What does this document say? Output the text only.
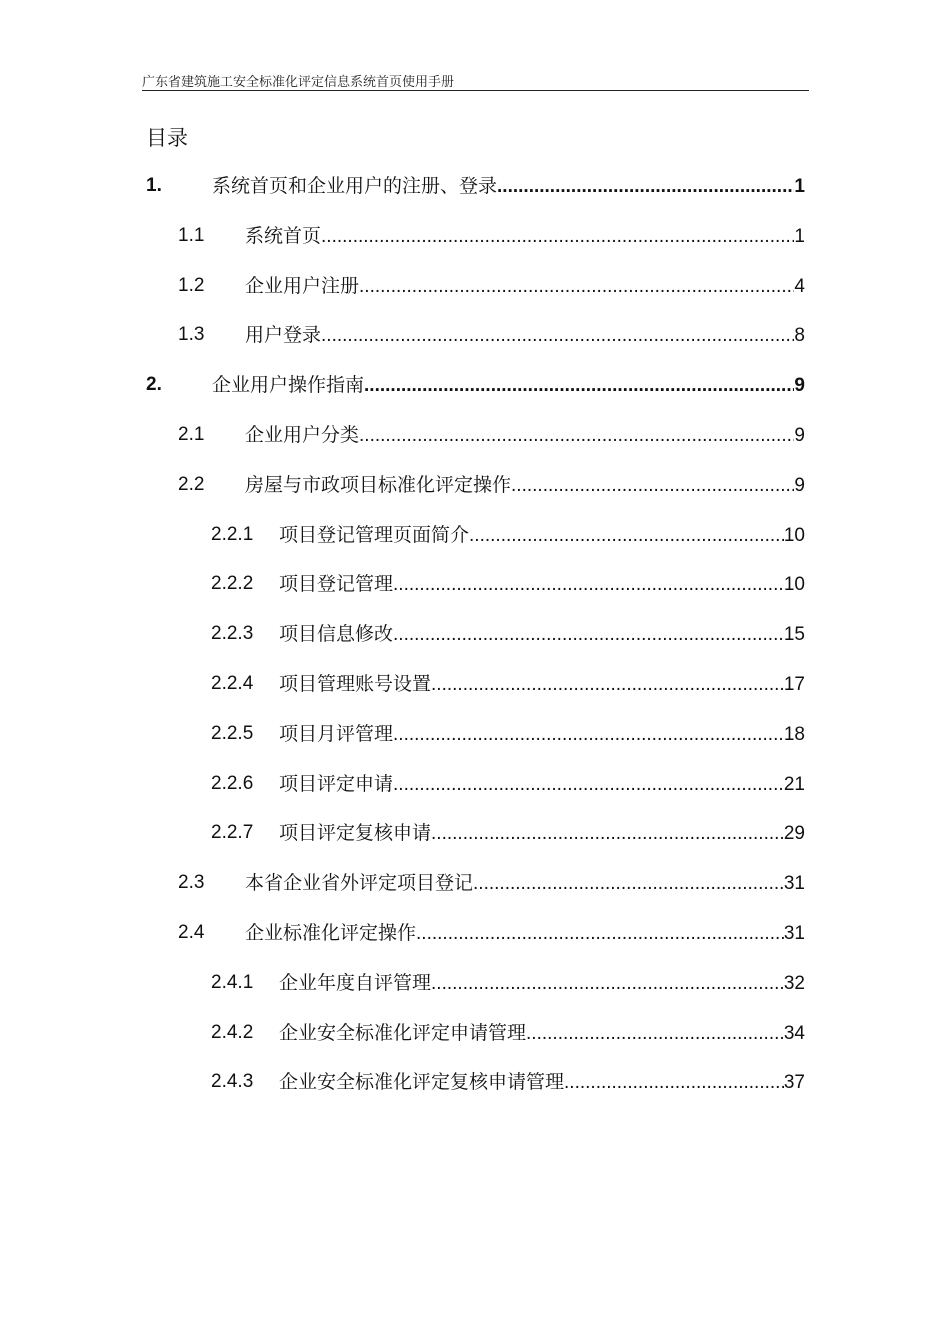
广东省建筑施工安全标准化评定信息系统首页使用手册
目录
1.	系统首页和企业用户的注册、登录 .....	1
1.1 系统首页 .....	1
1.2 企业用户注册 .....	4
1.3 用户登录 .....	8
2.	企业用户操作指南 .....	9
2.1 企业用户分类 .....	9
2.2 房屋与市政项目标准化评定操作 .....	9
2.2.1 项目登记管理页面简介 .....	10
2.2.2 项目登记管理 .....	10
2.2.3 项目信息修改 .....	15
2.2.4 项目管理账号设置 .....	17
2.2.5 项目月评管理 .....	18
2.2.6 项目评定申请 .....	21
2.2.7 项目评定复核申请 .....	29
2.3 本省企业省外评定项目登记 .....	31
2.4 企业标准化评定操作 .....	31
2.4.1 企业年度自评管理 .....	32
2.4.2 企业安全标准化评定申请管理 .....	34
2.4.3 企业安全标准化评定复核申请管理 .....	37
